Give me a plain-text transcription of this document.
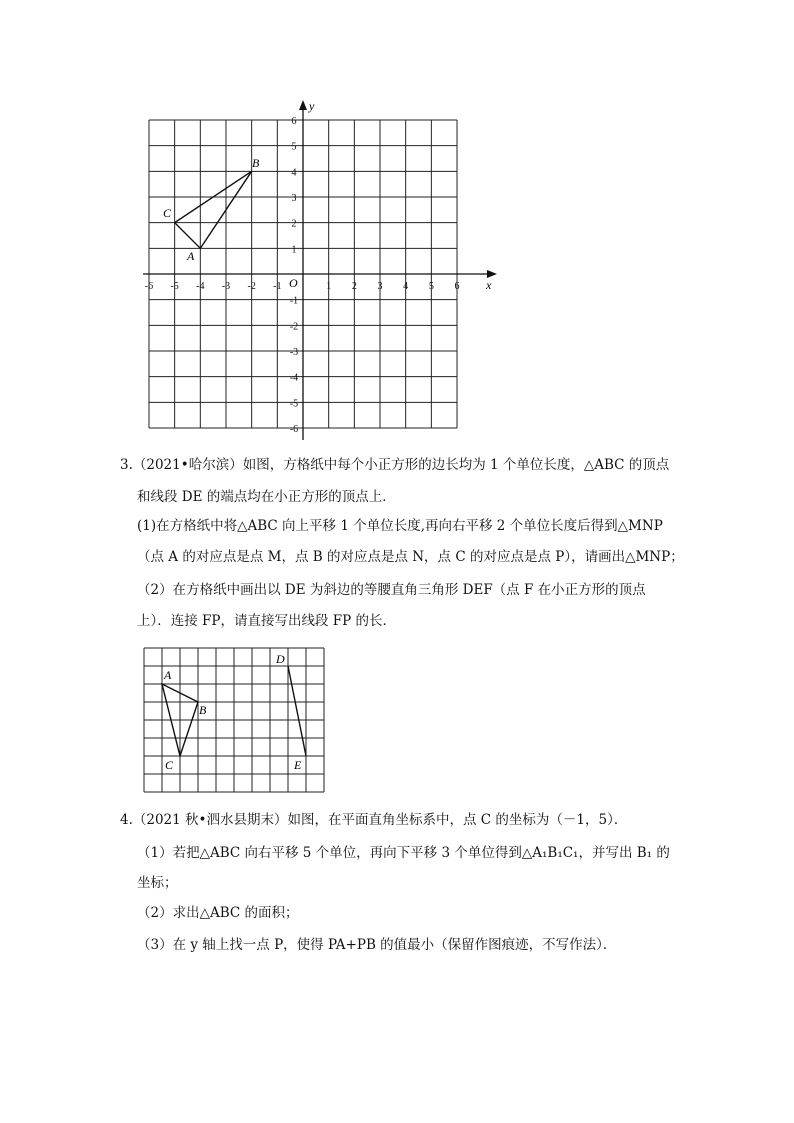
x
y
O
-6 -5 -4 -3 -2 -1	1 2 3 4 5 6
6
5
4
3
2
1
-1
-2
-3
-4
-5
-6
B
C
A
3.（2021•哈尔滨）如图，方格纸中每个小正方形的边长均为 1 个单位长度，△ABC 的顶点
和线段 DE 的端点均在小正方形的顶点上．
(1)在方格纸中将△ABC 向上平移 1 个单位长度,再向右平移 2 个单位长度后得到△MNP
（点 A 的对应点是点 M，点 B 的对应点是点 N，点 C 的对应点是点 P），请画出△MNP；
（2）在方格纸中画出以 DE 为斜边的等腰直角三角形 DEF（点 F 在小正方形的顶点
上）．连接 FP，请直接写出线段 FP 的长．
A
B
C
D
E
4.（2021 秋•泗水县期末）如图，在平面直角坐标系中，点 C 的坐标为（－1，5）．
（1）若把△ABC 向右平移 5 个单位，再向下平移 3 个单位得到△A₁B₁C₁，并写出 B₁ 的
坐标；
（2）求出△ABC 的面积；
（3）在 y 轴上找一点 P，使得 PA+PB 的值最小（保留作图痕迹，不写作法）．
